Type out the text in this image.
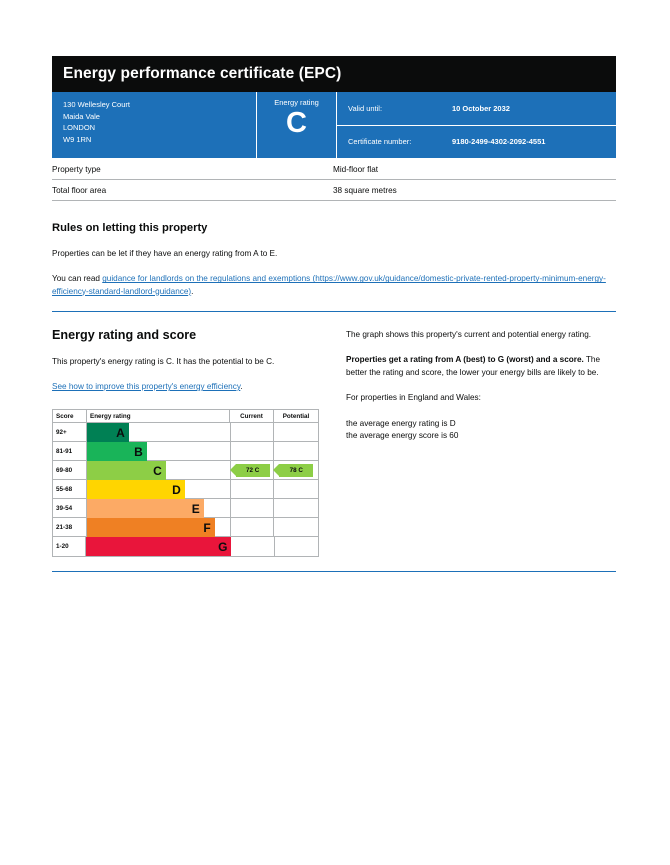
Energy performance certificate (EPC)
130 Wellesley Court
Maida Vale
LONDON
W9 1RN
Energy rating
C	Valid until:	10 October 2032
Certificate number:	9180-2499-4302-2092-4551
Property type	Mid-floor flat
Total floor area	38 square metres
Rules on letting this property

Properties can be let if they have an energy rating from A to E.

You can read guidance for landlords on the regulations and exemptions (https://www.gov.uk/guidance/domestic-private-rented-property-minimum-energy-efficiency-standard-landlord-guidance).

Energy rating and score

This property's energy rating is C. It has the potential to be C.

See how to improve this property's energy efficiency.

Score	Energy rating	Current	Potential
92+	A
81-91	B
69-80	C	72 C	78 C
55-68	D
39-54	E
21-38	F
1-20	G

The graph shows this property's current and potential energy rating.

Properties get a rating from A (best) to G (worst) and a score. The better the rating and score, the lower your energy bills are likely to be.

For properties in England and Wales:

the average energy rating is D

the average energy score is 60
